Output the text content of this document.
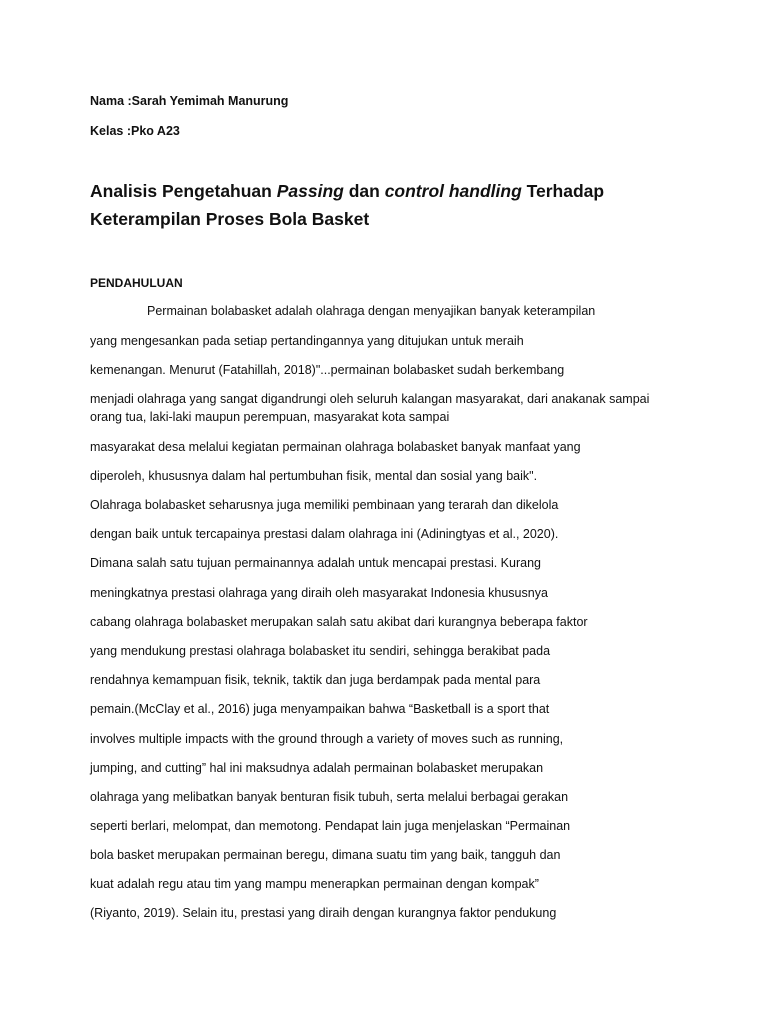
Nama :Sarah Yemimah Manurung
Kelas :Pko A23
Analisis Pengetahuan Passing dan control handling Terhadap
Keterampilan Proses Bola Basket
PENDAHULUAN
Permainan bolabasket adalah olahraga dengan menyajikan banyak keterampilan
yang mengesankan pada setiap pertandingannya yang ditujukan untuk meraih
kemenangan. Menurut (Fatahillah, 2018)"...permainan bolabasket sudah berkembang
menjadi olahraga yang sangat digandrungi oleh seluruh kalangan masyarakat, dari anakanak sampai
orang tua, laki-laki maupun perempuan, masyarakat kota sampai
masyarakat desa melalui kegiatan permainan olahraga bolabasket banyak manfaat yang
diperoleh, khususnya dalam hal pertumbuhan fisik, mental dan sosial yang baik".
Olahraga bolabasket seharusnya juga memiliki pembinaan yang terarah dan dikelola
dengan baik untuk tercapainya prestasi dalam olahraga ini (Adiningtyas et al., 2020).
Dimana salah satu tujuan permainannya adalah untuk mencapai prestasi. Kurang
meningkatnya prestasi olahraga yang diraih oleh masyarakat Indonesia khususnya
cabang olahraga bolabasket merupakan salah satu akibat dari kurangnya beberapa faktor
yang mendukung prestasi olahraga bolabasket itu sendiri, sehingga berakibat pada
rendahnya kemampuan fisik, teknik, taktik dan juga berdampak pada mental para
pemain.(McClay et al., 2016) juga menyampaikan bahwa “Basketball is a sport that
involves multiple impacts with the ground through a variety of moves such as running,
jumping, and cutting” hal ini maksudnya adalah permainan bolabasket merupakan
olahraga yang melibatkan banyak benturan fisik tubuh, serta melalui berbagai gerakan
seperti berlari, melompat, dan memotong. Pendapat lain juga menjelaskan “Permainan
bola basket merupakan permainan beregu, dimana suatu tim yang baik, tangguh dan
kuat adalah regu atau tim yang mampu menerapkan permainan dengan kompak”
(Riyanto, 2019). Selain itu, prestasi yang diraih dengan kurangnya faktor pendukung
